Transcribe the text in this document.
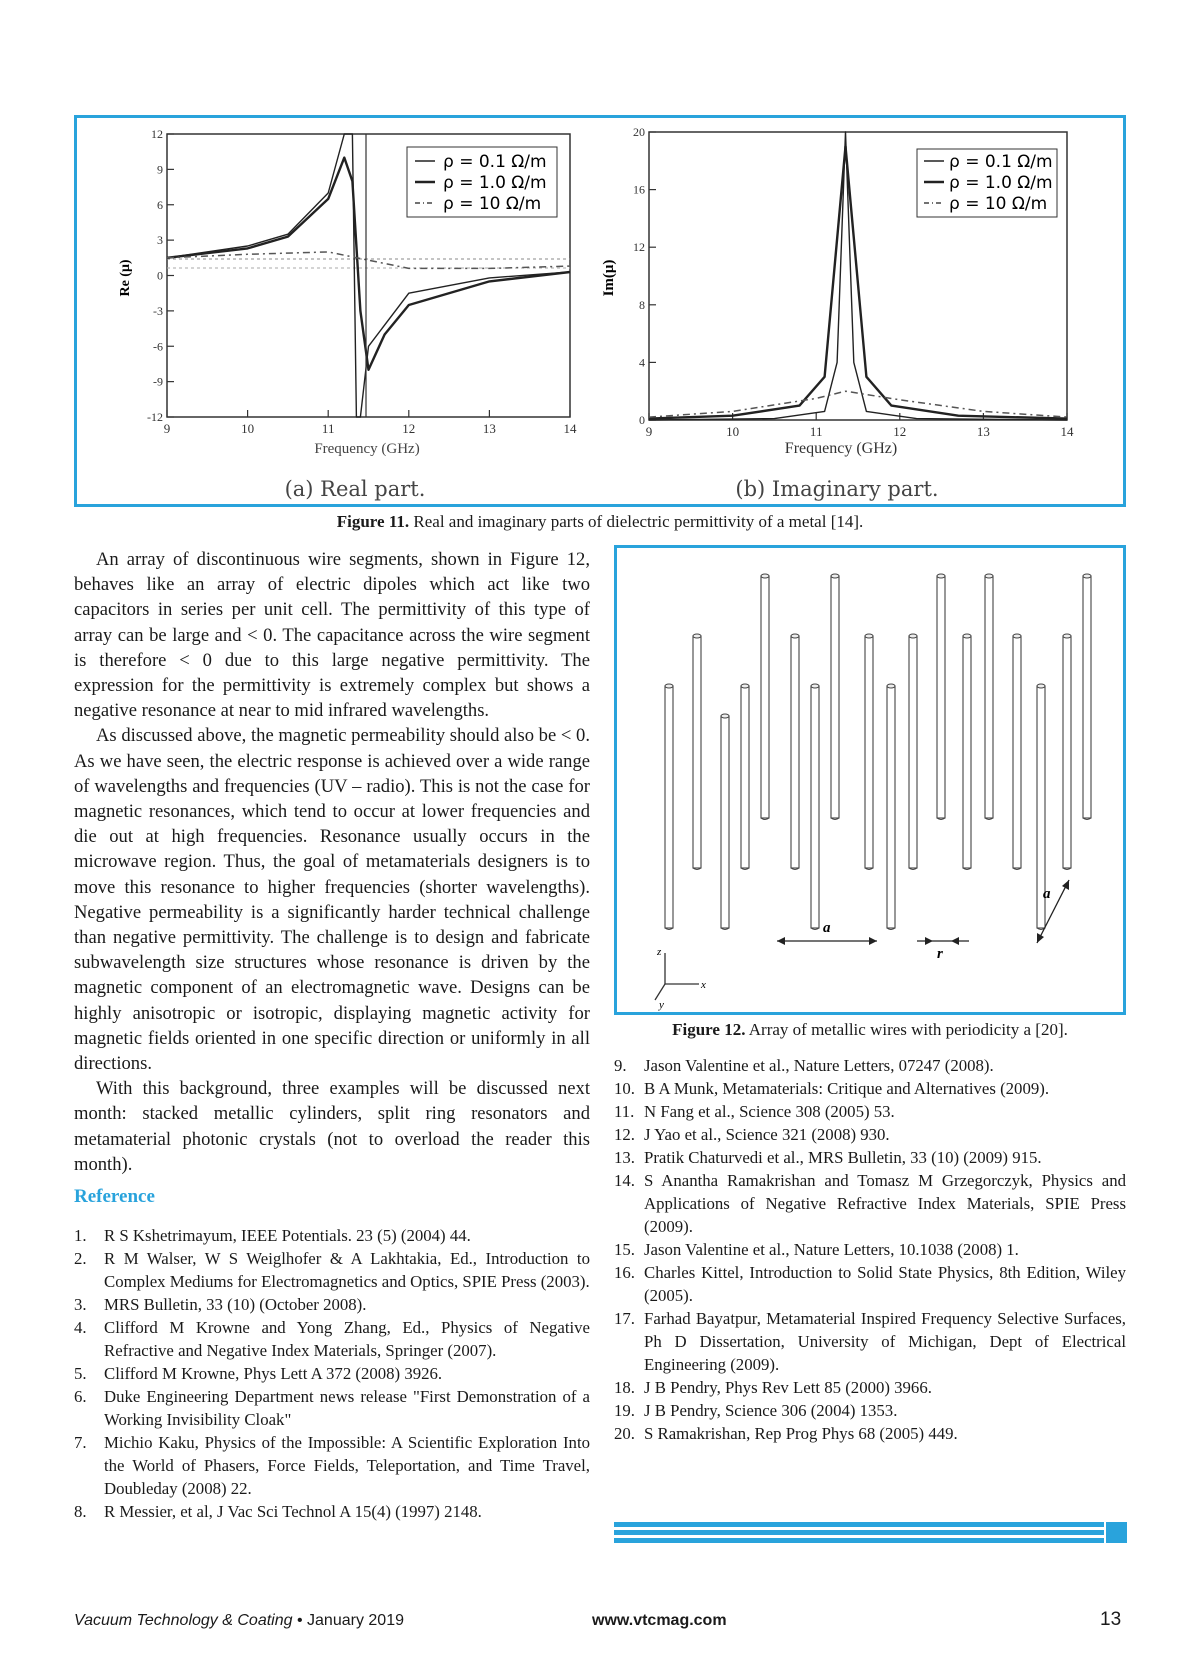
9	10	11	12	13	14
12
9
6
3
0
-3
-6
-9
-12
ρ = 0.1 Ω/m
ρ = 1.0 Ω/m
ρ = 10 Ω/m
Re (μ)
Frequency (GHz)
(a) Real part.
9	10	11	12	13	14
20
16
12
8
4
0
ρ = 0.1 Ω/m
ρ = 1.0 Ω/m
ρ = 10 Ω/m
Im(μ)
Frequency (GHz)
(b) Imaginary part.
Figure 11. Real and imaginary parts of dielectric permittivity of a metal [14].

An array of discontinuous wire segments, shown in Figure 12, behaves like an array of electric dipoles which act like two capacitors in series per unit cell. The permittivity of this type of array can be large and < 0. The capacitance across the wire segment is therefore < 0 due to this large negative permittivity. The expression for the permittivity is extremely complex but shows a negative resonance at near to mid infrared wavelengths.

As discussed above, the magnetic permeability should also be < 0. As we have seen, the electric response is achieved over a wide range of wavelengths and frequencies (UV – radio). This is not the case for magnetic resonances, which tend to occur at lower frequencies and die out at high frequencies. Resonance usually occurs in the microwave region. Thus, the goal of metamaterials designers is to move this resonance to higher frequencies (shorter wavelengths). Negative permeability is a significantly harder technical challenge than negative permittivity. The challenge is to design and fabricate subwavelength size structures whose resonance is driven by the magnetic component of an electromagnetic wave. Designs can be highly anisotropic or isotropic, displaying magnetic activity for magnetic fields oriented in one specific direction or uniformly in all directions.

With this background, three examples will be discussed next month: stacked metallic cylinders, split ring resonators and metamaterial photonic crystals (not to overload the reader this month).

z
x
y
a
r
a
Figure 12. Array of metallic wires with periodicity a [20].
Reference
1. R S Kshetrimayum, IEEE Potentials. 23 (5) (2004) 44.
2. R M Walser, W S Weiglhofer & A Lakhtakia, Ed., Introduction to Complex Mediums for Electromagnetics and Optics, SPIE Press (2003).
3. MRS Bulletin, 33 (10) (October 2008).
4. Clifford M Krowne and Yong Zhang, Ed., Physics of Negative Refractive and Negative Index Materials, Springer (2007).
5. Clifford M Krowne, Phys Lett A 372 (2008) 3926.
6. Duke Engineering Department news release "First Demonstration of a Working Invisibility Cloak"
7. Michio Kaku, Physics of the Impossible: A Scientific Exploration Into the World of Phasers, Force Fields, Teleportation, and Time Travel, Doubleday (2008) 22.
8. R Messier, et al, J Vac Sci Technol A 15(4) (1997) 2148.
9. Jason Valentine et al., Nature Letters, 07247 (2008).
10. B A Munk, Metamaterials: Critique and Alternatives (2009).
11. N Fang et al., Science 308 (2005) 53.
12. J Yao et al., Science 321 (2008) 930.
13. Pratik Chaturvedi et al., MRS Bulletin, 33 (10) (2009) 915.
14. S Anantha Ramakrishan and Tomasz M Grzegorczyk, Physics and Applications of Negative Refractive Index Materials, SPIE Press (2009).
15. Jason Valentine et al., Nature Letters, 10.1038 (2008) 1.
16. Charles Kittel, Introduction to Solid State Physics, 8th Edition, Wiley (2005).
17. Farhad Bayatpur, Metamaterial Inspired Frequency Selective Surfaces, Ph D Dissertation, University of Michigan, Dept of Electrical Engineering (2009).
18. J B Pendry, Phys Rev Lett 85 (2000) 3966.
19. J B Pendry, Science 306 (2004) 1353.
20. S Ramakrishan, Rep Prog Phys 68 (2005) 449.
Vacuum Technology & Coating • January 2019	www.vtcmag.com	13
